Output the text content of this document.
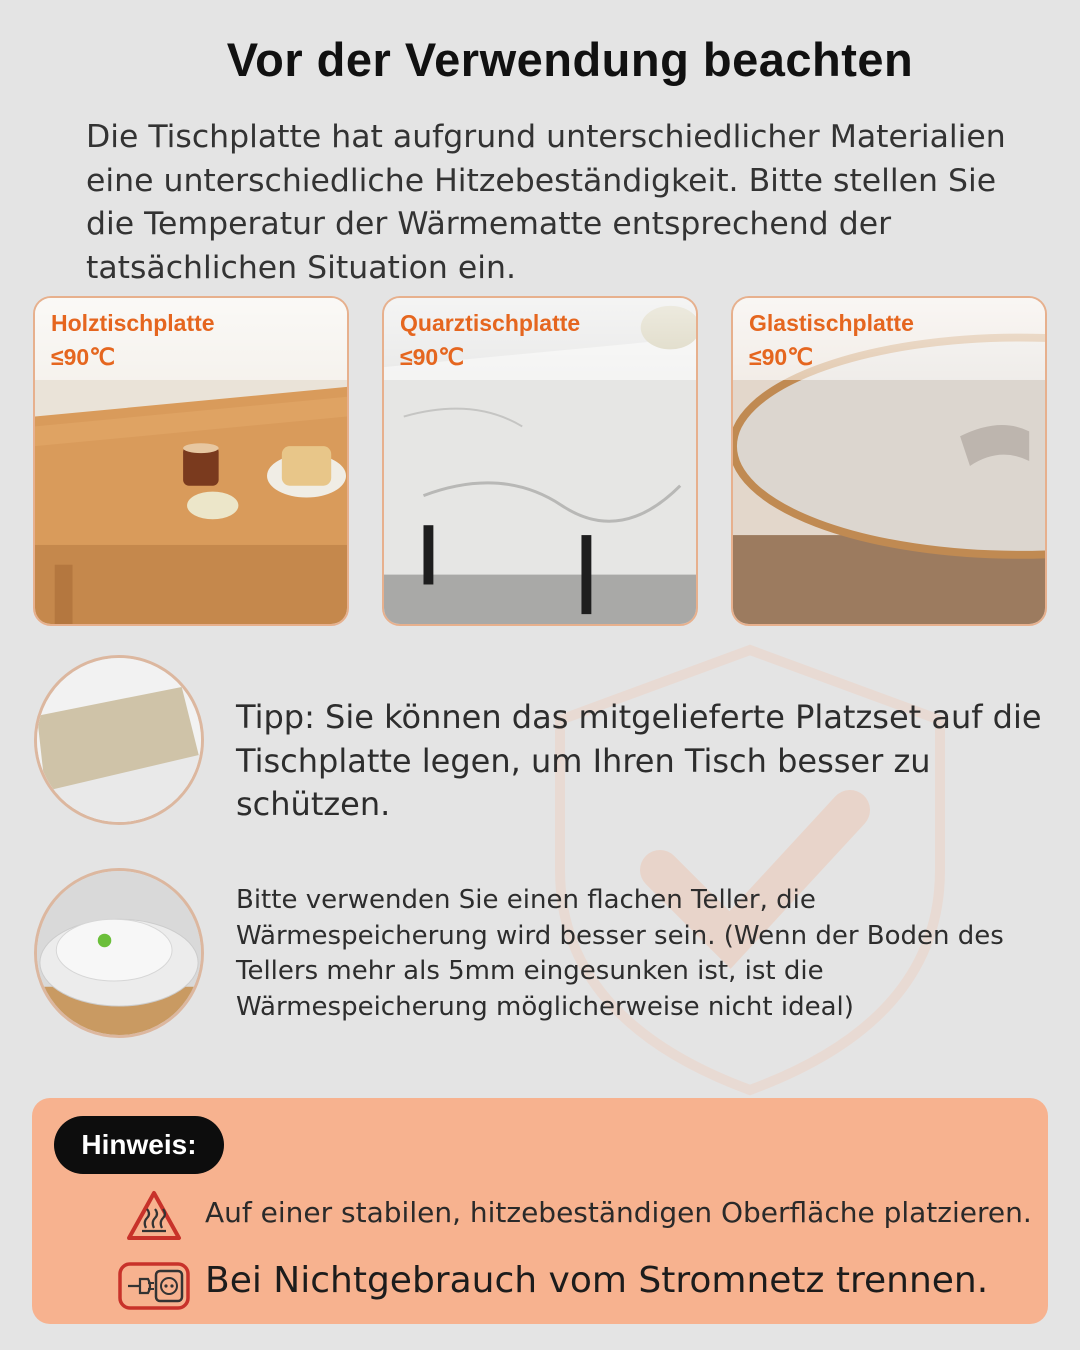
Vor der Verwendung beachten
Die Tischplatte hat aufgrund unterschiedlicher Materialien eine unterschiedliche Hitzebeständigkeit. Bitte stellen Sie die Temperatur der Wärmematte entsprechend der tatsächlichen Situation ein.
Holztischplatte
≤90℃
Quarztischplatte
≤90℃
Glastischplatte
≤90℃
Tipp: Sie können das mitgelieferte Platzset auf die Tischplatte legen, um Ihren Tisch besser zu schützen.
Bitte verwenden Sie einen flachen Teller, die Wärmespeicherung wird besser sein. (Wenn der Boden des Tellers mehr als 5mm eingesunken ist, ist die Wärmespeicherung möglicherweise nicht ideal)
Hinweis:
Auf einer stabilen, hitzebeständigen Oberfläche platzieren.
Bei Nichtgebrauch vom Stromnetz trennen.
